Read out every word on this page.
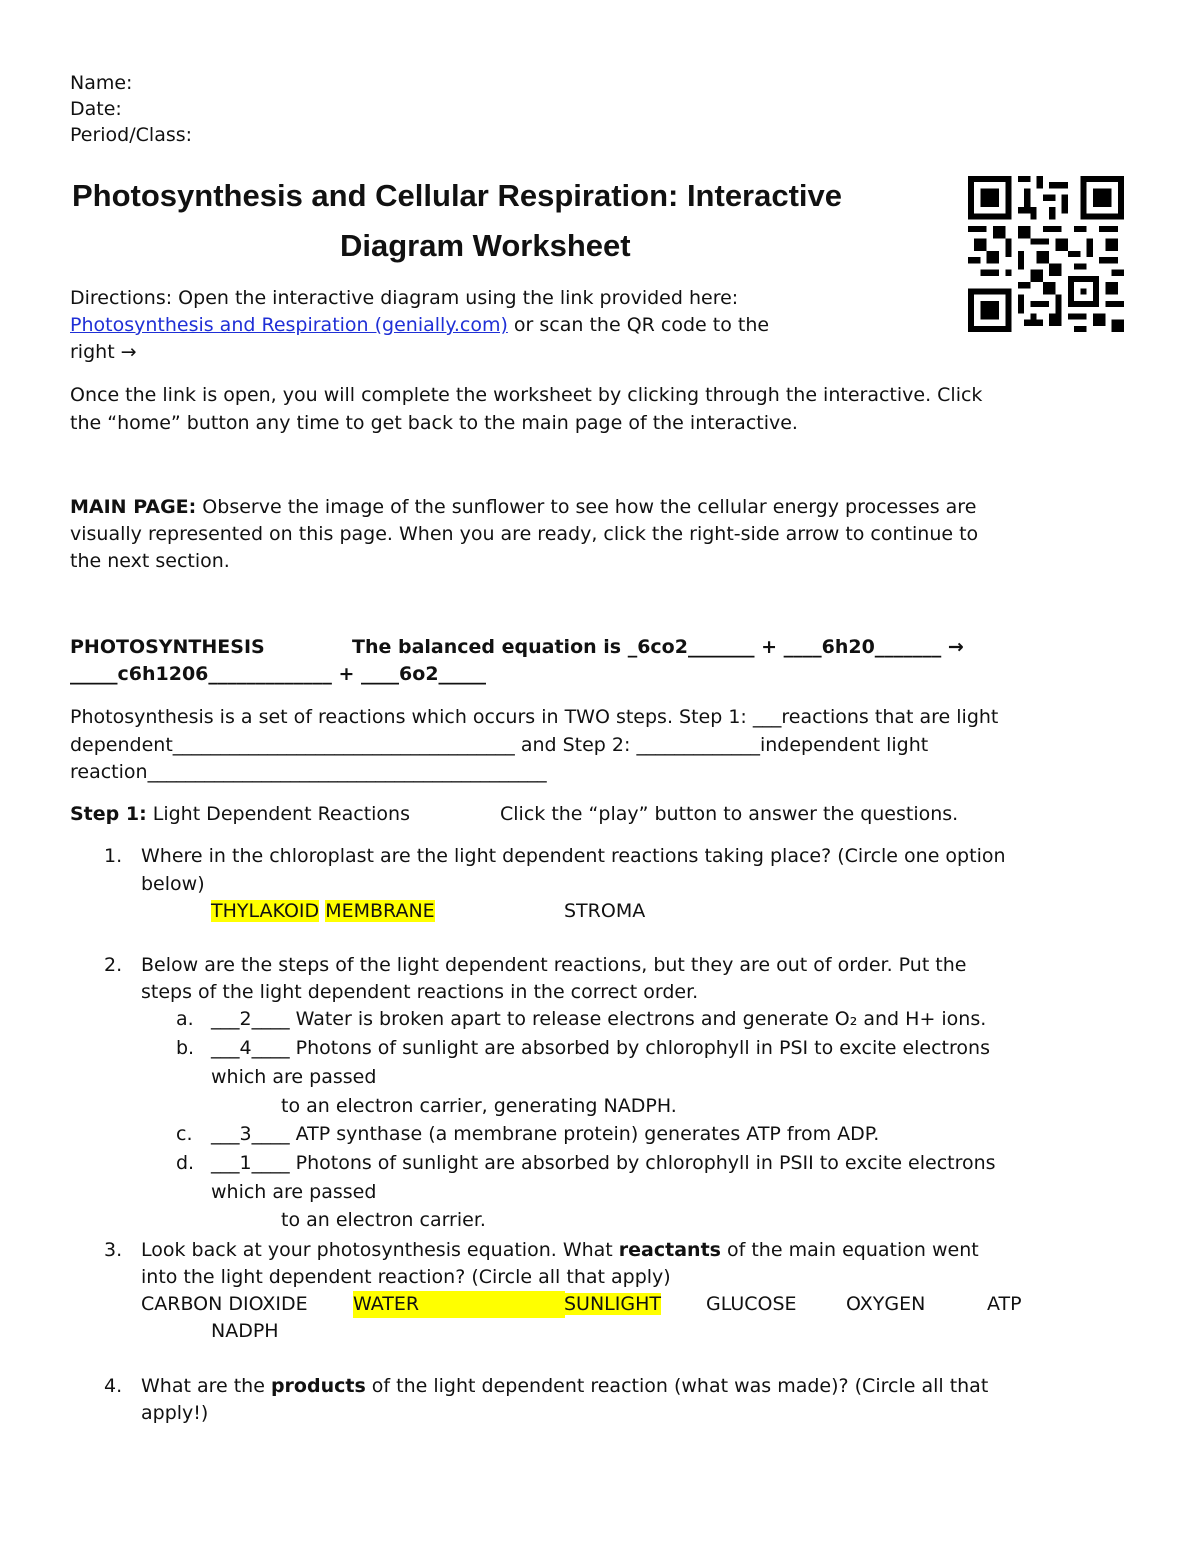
Name:
Date:
Period/Class:
Photosynthesis and Cellular Respiration: Interactive
Diagram Worksheet
Directions: Open the interactive diagram using the link provided here:
Photosynthesis and Respiration (genially.com) or scan the QR code to the
right →
Once the link is open, you will complete the worksheet by clicking through the interactive. Click
the “home” button any time to get back to the main page of the interactive.
MAIN PAGE: Observe the image of the sunflower to see how the cellular energy processes are
visually represented on this page. When you are ready, click the right-side arrow to continue to
the next section.
PHOTOSYNTHESIS	The balanced equation is _6co2_______ + ____6h20_______ →
_____c6h1206_____________ + ____6o2_____
Photosynthesis is a set of reactions which occurs in TWO steps. Step 1: ___reactions that are light
dependent____________________________________ and Step 2: _____________independent light
reaction__________________________________________
Step 1: Light Dependent Reactions	Click the “play” button to answer the questions.
1. Where in the chloroplast are the light dependent reactions taking place? (Circle one option
below)
THYLAKOID MEMBRANE	STROMA
2. Below are the steps of the light dependent reactions, but they are out of order. Put the
steps of the light dependent reactions in the correct order.
a. ___2____ Water is broken apart to release electrons and generate O₂ and H+ ions.
b. ___4____ Photons of sunlight are absorbed by chlorophyll in PSI to excite electrons
which are passed
to an electron carrier, generating NADPH.
c. ___3____ ATP synthase (a membrane protein) generates ATP from ADP.
d. ___1____ Photons of sunlight are absorbed by chlorophyll in PSII to excite electrons
which are passed
to an electron carrier.
3. Look back at your photosynthesis equation. What reactants of the main equation went
into the light dependent reaction? (Circle all that apply)
CARBON DIOXIDE WATER	SUNLIGHT GLUCOSE	OXYGEN	ATP
NADPH
4. What are the products of the light dependent reaction (what was made)? (Circle all that
apply!)
